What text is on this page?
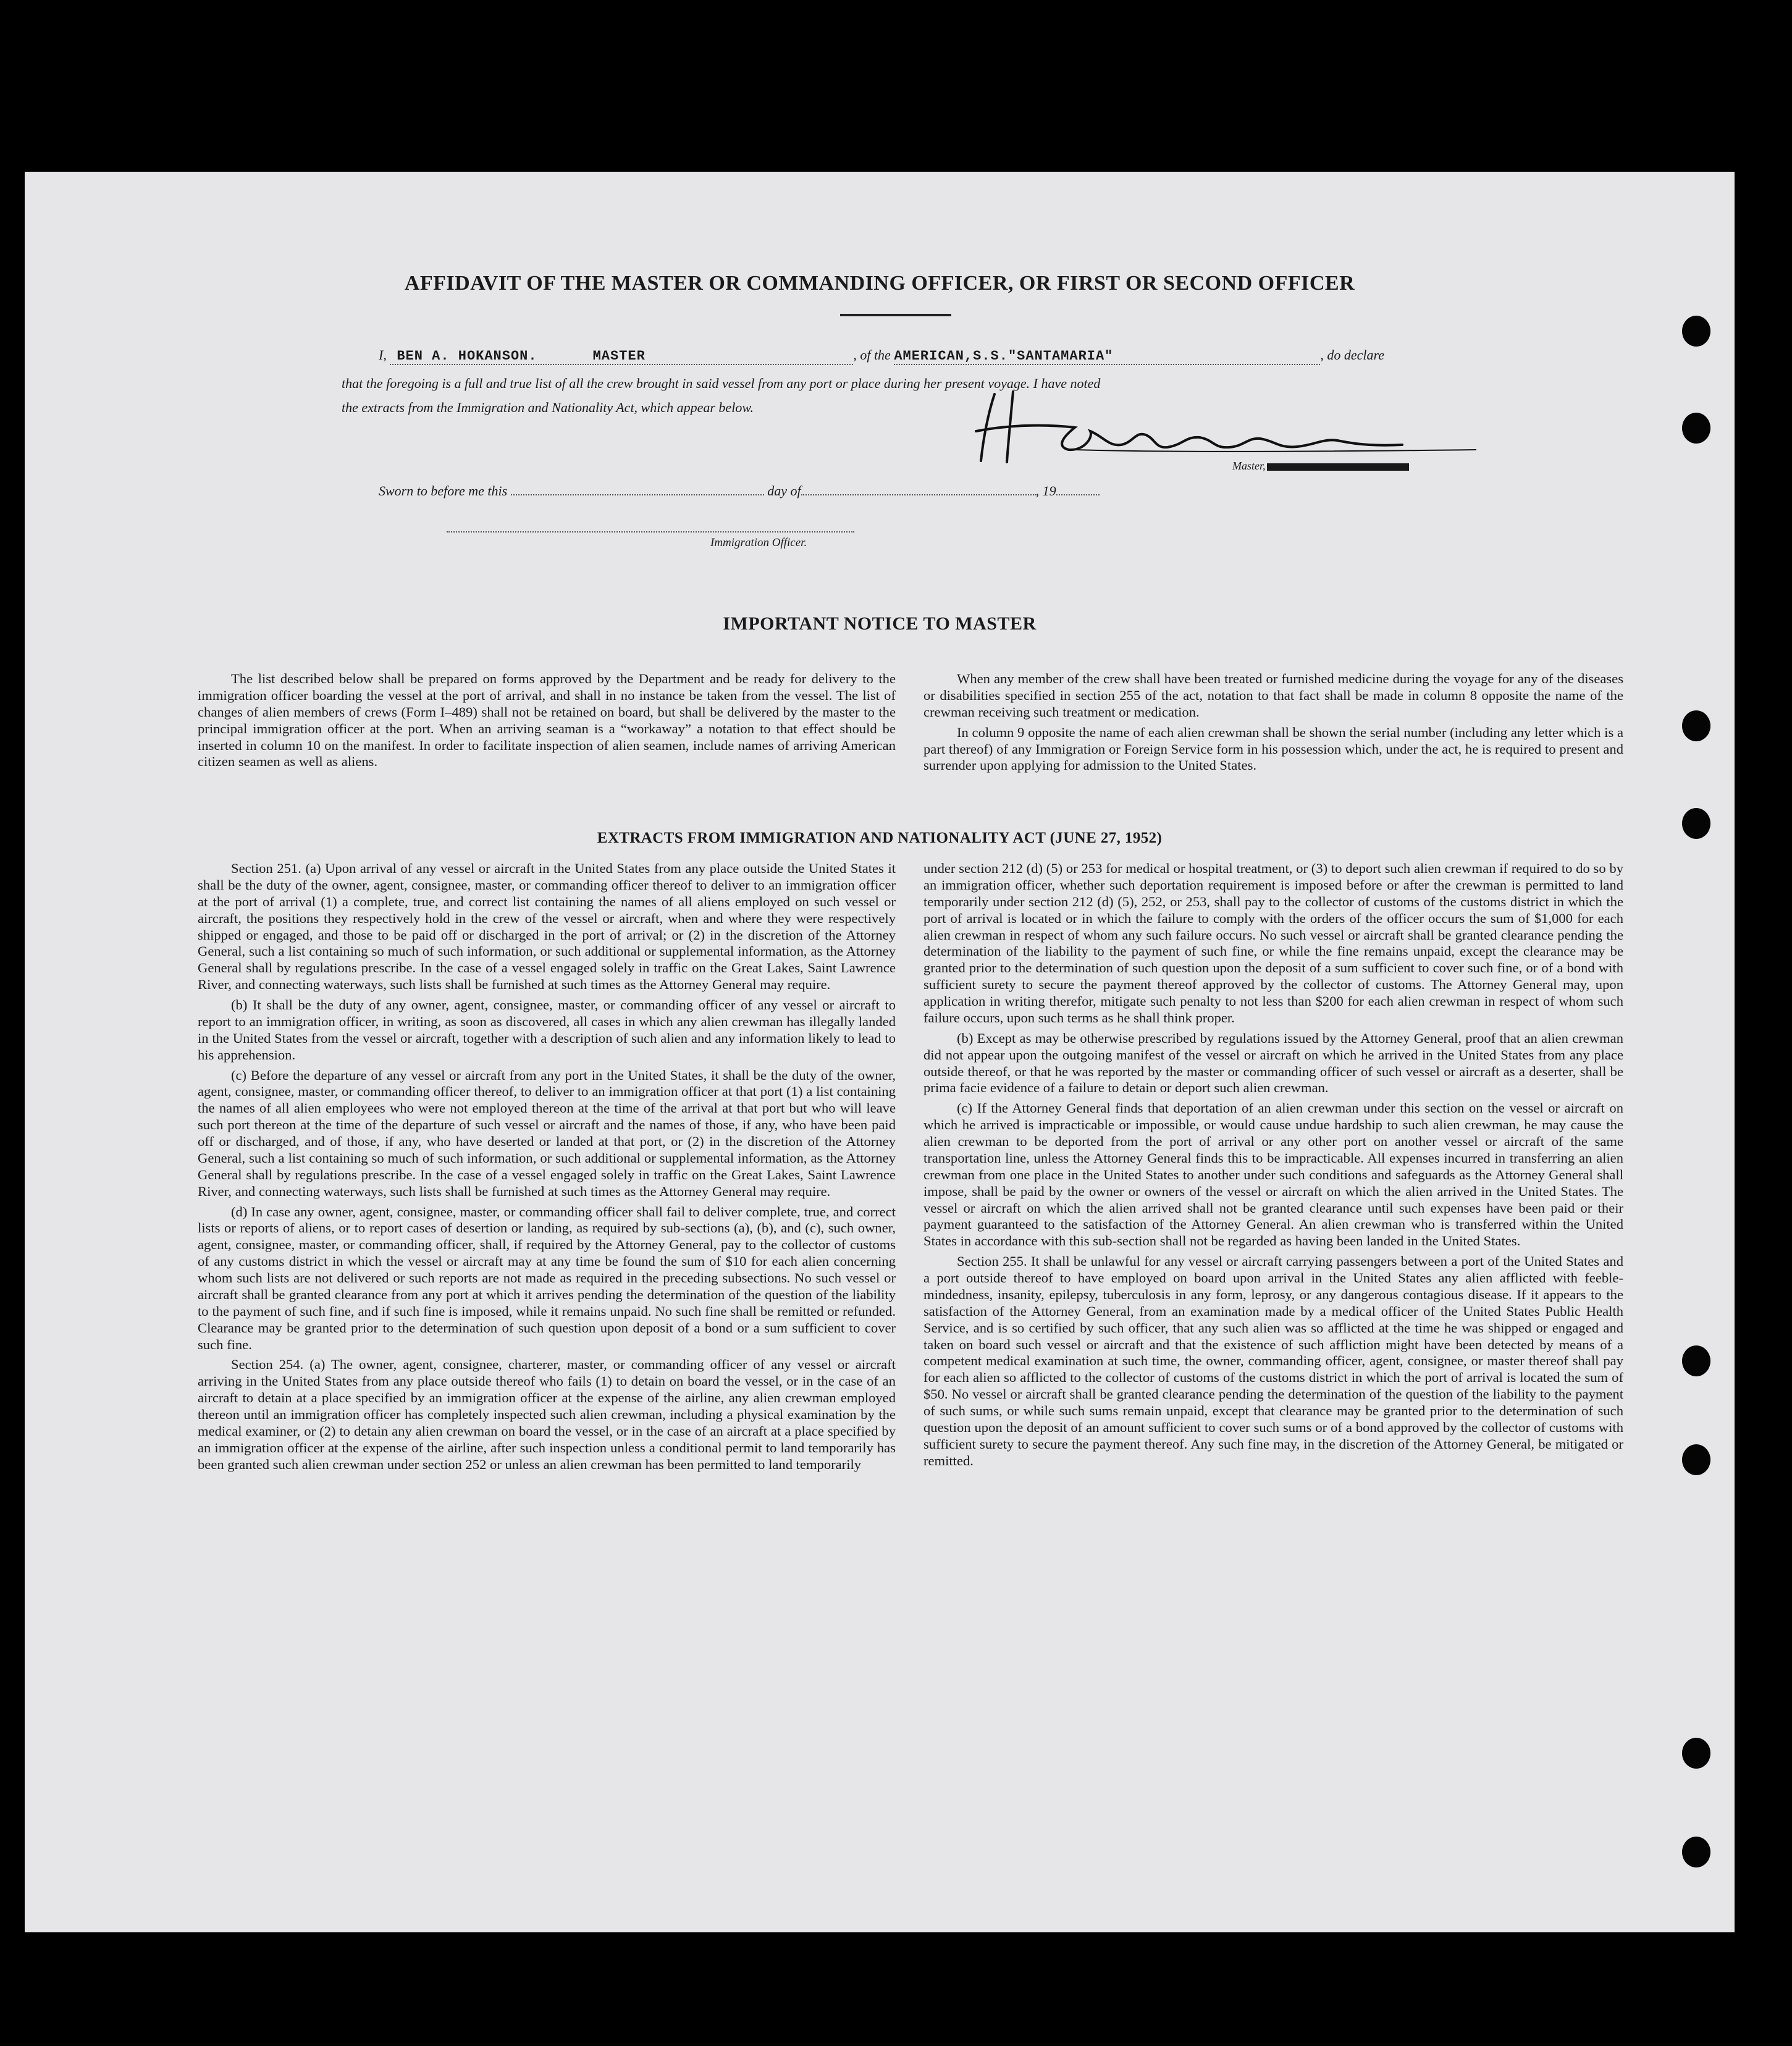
AFFIDAVIT OF THE MASTER OR COMMANDING OFFICER, OR FIRST OR SECOND OFFICER
I, BEN A. HOKANSON.	MASTER	, of the AMERICAN,S.S."SANTAMARIA"	, do declare
that the foregoing is a full and true list of all the crew brought in said vessel from any port or place during her present voyage. I have noted
the extracts from the Immigration and Nationality Act, which appear below.
Master,
Sworn to before me this	day of	, 19
Immigration Officer.
IMPORTANT NOTICE TO MASTER

The list described below shall be prepared on forms approved by the Department and be ready for delivery to the immigration officer boarding the vessel at the port of arrival, and shall in no instance be taken from the vessel. The list of changes of alien members of crews (Form I–489) shall not be retained on board, but shall be delivered by the master to the principal immigration officer at the port. When an arriving seaman is a “workaway” a notation to that effect should be inserted in column 10 on the manifest. In order to facilitate inspection of alien seamen, include names of arriving American citizen seamen as well as aliens.

When any member of the crew shall have been treated or furnished medicine during the voyage for any of the diseases or disabilities specified in section 255 of the act, notation to that fact shall be made in column 8 opposite the name of the crewman receiving such treatment or medication.

In column 9 opposite the name of each alien crewman shall be shown the serial number (including any letter which is a part thereof) of any Immigration or Foreign Service form in his possession which, under the act, he is required to present and surrender upon applying for admission to the United States.

EXTRACTS FROM IMMIGRATION AND NATIONALITY ACT (JUNE 27, 1952)

Section 251. (a) Upon arrival of any vessel or aircraft in the United States from any place outside the United States it shall be the duty of the owner, agent, consignee, master, or commanding officer thereof to deliver to an immigration officer at the port of arrival (1) a complete, true, and correct list containing the names of all aliens employed on such vessel or aircraft, the positions they respectively hold in the crew of the vessel or aircraft, when and where they were respectively shipped or engaged, and those to be paid off or discharged in the port of arrival; or (2) in the discretion of the Attorney General, such a list containing so much of such information, or such additional or supplemental information, as the Attorney General shall by regulations prescribe. In the case of a vessel engaged solely in traffic on the Great Lakes, Saint Lawrence River, and connecting waterways, such lists shall be furnished at such times as the Attorney General may require.

(b) It shall be the duty of any owner, agent, consignee, master, or commanding officer of any vessel or aircraft to report to an immigration officer, in writing, as soon as discovered, all cases in which any alien crewman has illegally landed in the United States from the vessel or aircraft, together with a description of such alien and any information likely to lead to his apprehension.

(c) Before the departure of any vessel or aircraft from any port in the United States, it shall be the duty of the owner, agent, consignee, master, or commanding officer thereof, to deliver to an immigration officer at that port (1) a list containing the names of all alien employees who were not employed thereon at the time of the arrival at that port but who will leave such port thereon at the time of the departure of such vessel or aircraft and the names of those, if any, who have been paid off or discharged, and of those, if any, who have deserted or landed at that port, or (2) in the discretion of the Attorney General, such a list containing so much of such information, or such additional or supplemental information, as the Attorney General shall by regulations prescribe. In the case of a vessel engaged solely in traffic on the Great Lakes, Saint Lawrence River, and connecting waterways, such lists shall be furnished at such times as the Attorney General may require.

(d) In case any owner, agent, consignee, master, or commanding officer shall fail to deliver complete, true, and correct lists or reports of aliens, or to report cases of desertion or landing, as required by sub-sections (a), (b), and (c), such owner, agent, consignee, master, or commanding officer, shall, if required by the Attorney General, pay to the collector of customs of any customs district in which the vessel or aircraft may at any time be found the sum of $10 for each alien concerning whom such lists are not delivered or such reports are not made as required in the preceding subsections. No such vessel or aircraft shall be granted clearance from any port at which it arrives pending the determination of the question of the liability to the payment of such fine, and if such fine is imposed, while it remains unpaid. No such fine shall be remitted or refunded. Clearance may be granted prior to the determination of such question upon deposit of a bond or a sum sufficient to cover such fine.

Section 254. (a) The owner, agent, consignee, charterer, master, or commanding officer of any vessel or aircraft arriving in the United States from any place outside thereof who fails (1) to detain on board the vessel, or in the case of an aircraft to detain at a place specified by an immigration officer at the expense of the airline, any alien crewman employed thereon until an immigration officer has completely inspected such alien crewman, including a physical examination by the medical examiner, or (2) to detain any alien crewman on board the vessel, or in the case of an aircraft at a place specified by an immigration officer at the expense of the airline, after such inspection unless a conditional permit to land temporarily has been granted such alien crewman under section 252 or unless an alien crewman has been permitted to land temporarily

under section 212 (d) (5) or 253 for medical or hospital treatment, or (3) to deport such alien crewman if required to do so by an immigration officer, whether such deportation requirement is imposed before or after the crewman is permitted to land temporarily under section 212 (d) (5), 252, or 253, shall pay to the collector of customs of the customs district in which the port of arrival is located or in which the failure to comply with the orders of the officer occurs the sum of $1,000 for each alien crewman in respect of whom any such failure occurs. No such vessel or aircraft shall be granted clearance pending the determination of the liability to the payment of such fine, or while the fine remains unpaid, except the clearance may be granted prior to the determination of such question upon the deposit of a sum sufficient to cover such fine, or of a bond with sufficient surety to secure the payment thereof approved by the collector of customs. The Attorney General may, upon application in writing therefor, mitigate such penalty to not less than $200 for each alien crewman in respect of whom such failure occurs, upon such terms as he shall think proper.

(b) Except as may be otherwise prescribed by regulations issued by the Attorney General, proof that an alien crewman did not appear upon the outgoing manifest of the vessel or aircraft on which he arrived in the United States from any place outside thereof, or that he was reported by the master or commanding officer of such vessel or aircraft as a deserter, shall be prima facie evidence of a failure to detain or deport such alien crewman.

(c) If the Attorney General finds that deportation of an alien crewman under this section on the vessel or aircraft on which he arrived is impracticable or impossible, or would cause undue hardship to such alien crewman, he may cause the alien crewman to be deported from the port of arrival or any other port on another vessel or aircraft of the same transportation line, unless the Attorney General finds this to be impracticable. All expenses incurred in transferring an alien crewman from one place in the United States to another under such conditions and safeguards as the Attorney General shall impose, shall be paid by the owner or owners of the vessel or aircraft on which the alien arrived in the United States. The vessel or aircraft on which the alien arrived shall not be granted clearance until such expenses have been paid or their payment guaranteed to the satisfaction of the Attorney General. An alien crewman who is transferred within the United States in accordance with this sub-section shall not be regarded as having been landed in the United States.

Section 255. It shall be unlawful for any vessel or aircraft carrying passengers between a port of the United States and a port outside thereof to have employed on board upon arrival in the United States any alien afflicted with feeble-mindedness, insanity, epilepsy, tuberculosis in any form, leprosy, or any dangerous contagious disease. If it appears to the satisfaction of the Attorney General, from an examination made by a medical officer of the United States Public Health Service, and is so certified by such officer, that any such alien was so afflicted at the time he was shipped or engaged and taken on board such vessel or aircraft and that the existence of such affliction might have been detected by means of a competent medical examination at such time, the owner, commanding officer, agent, consignee, or master thereof shall pay for each alien so afflicted to the collector of customs of the customs district in which the port of arrival is located the sum of $50. No vessel or aircraft shall be granted clearance pending the determination of the question of the liability to the payment of such sums, or while such sums remain unpaid, except that clearance may be granted prior to the determination of such question upon the deposit of an amount sufficient to cover such sums or of a bond approved by the collector of customs with sufficient surety to secure the payment thereof. Any such fine may, in the discretion of the Attorney General, be mitigated or remitted.
